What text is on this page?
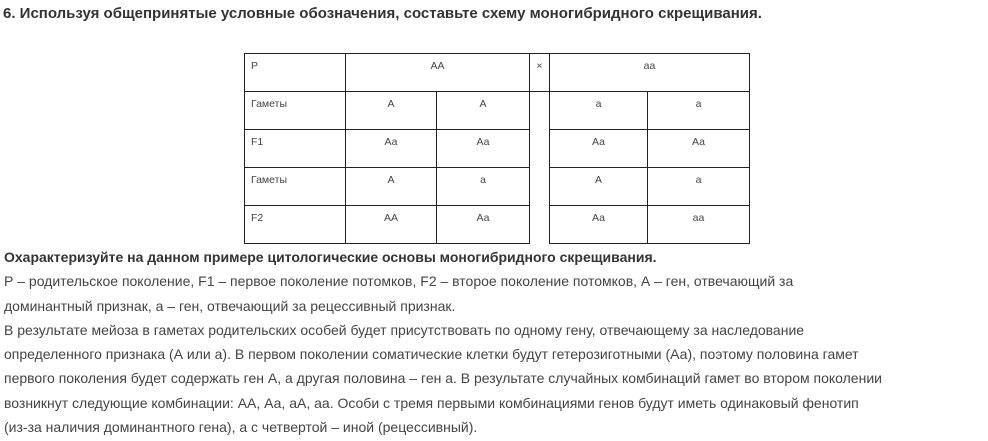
6. Используя общепринятые условные обозначения, составьте схему моногибридного скрещивания.
P	АА		×	аа	
Гаметы	А	А		а	а
F1	Аа	Аа		Аа	Аа
Гаметы	А	а		А	а
F2	АА	Аа		Аа	аа

Охарактеризуйте на данном примере цитологические основы моногибридного скрещивания.

Р – родительское поколение, F1 – первое поколение потомков, F2 – второе поколение потомков, А – ген, отвечающий за

доминантный признак, а – ген, отвечающий за рецессивный признак.

В результате мейоза в гаметах родительских особей будет присутствовать по одному гену, отвечающему за наследование

определенного признака (А или а). В первом поколении соматические клетки будут гетерозиготными (Аа), поэтому половина гамет

первого поколения будет содержать ген А, а другая половина – ген а. В результате случайных комбинаций гамет во втором поколении

возникнут следующие комбинации: АА, Аа, аА, аа. Особи с тремя первыми комбинациями генов будут иметь одинаковый фенотип

(из-за наличия доминантного гена), а с четвертой – иной (рецессивный).
